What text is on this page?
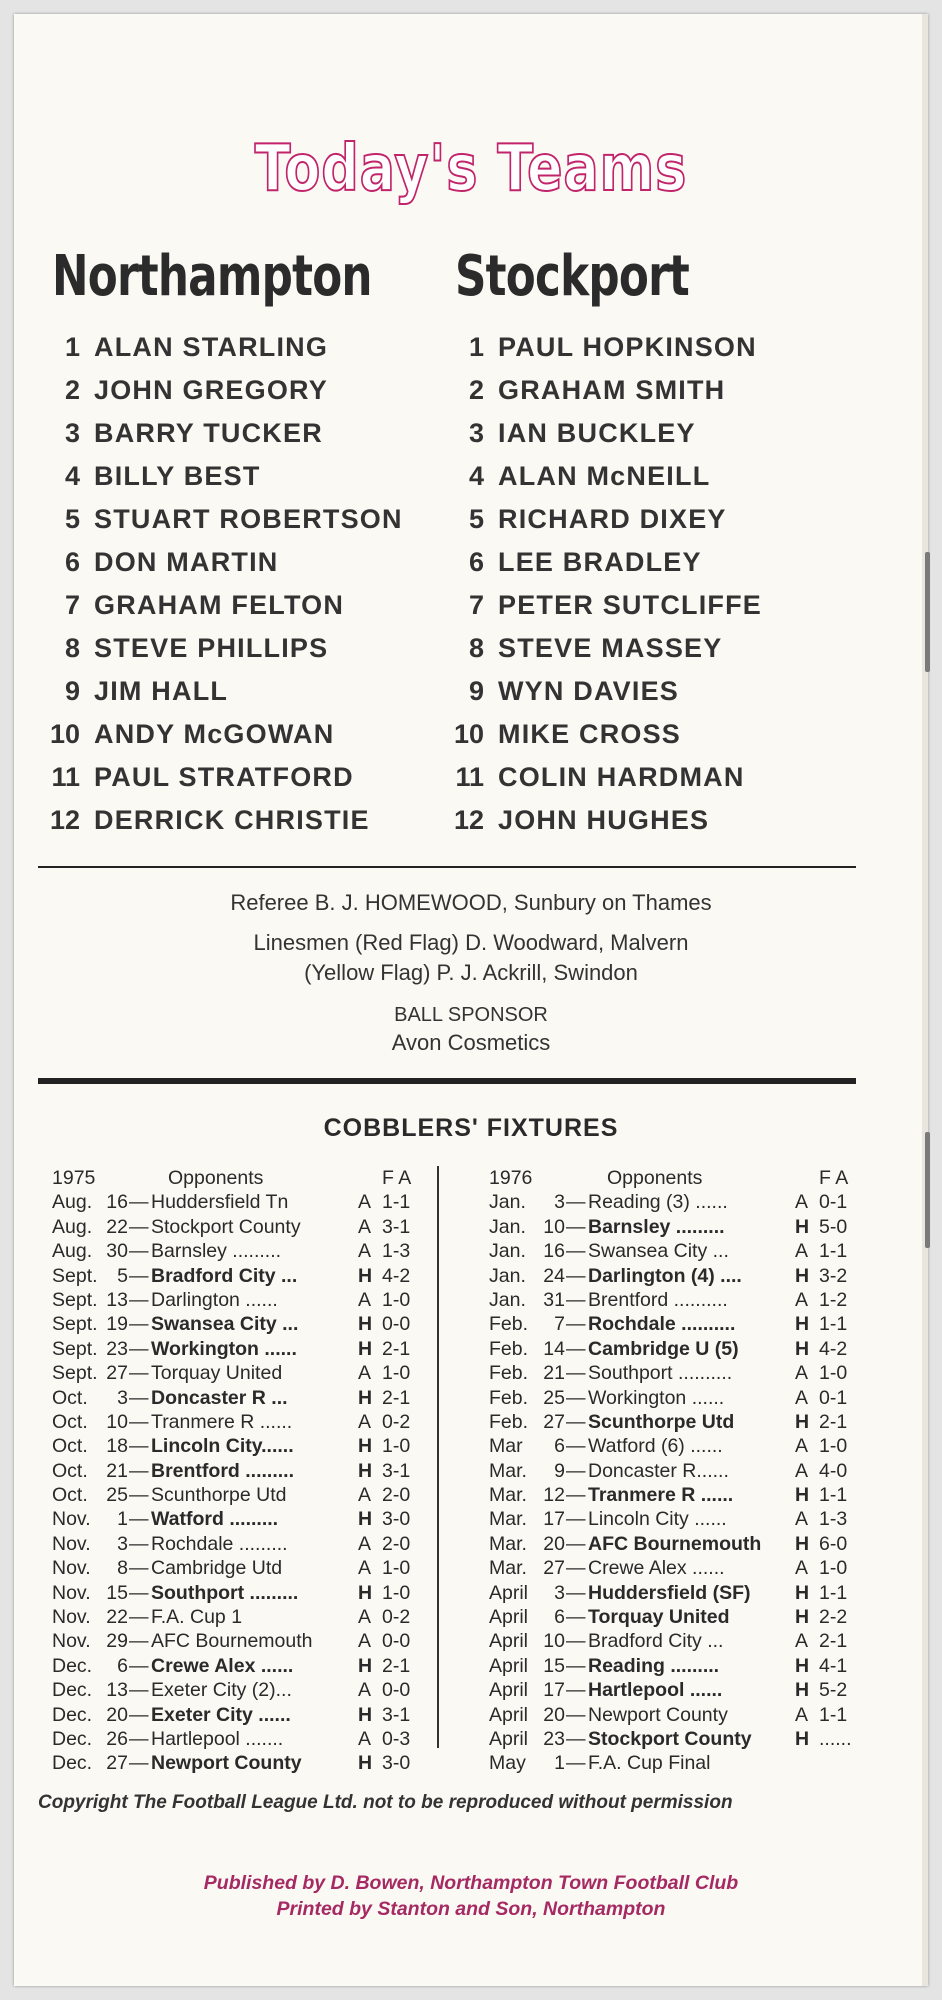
Today's Teams
Northampton Stockport
1 ALAN STARLING
2 JOHN GREGORY
3 BARRY TUCKER
4 BILLY BEST
5 STUART ROBERTSON
6 DON MARTIN
7 GRAHAM FELTON
8 STEVE PHILLIPS
9 JIM HALL
10 ANDY McGOWAN
11 PAUL STRATFORD
12 DERRICK CHRISTIE
1 PAUL HOPKINSON
2 GRAHAM SMITH
3 IAN BUCKLEY
4 ALAN McNEILL
5 RICHARD DIXEY
6 LEE BRADLEY
7 PETER SUTCLIFFE
8 STEVE MASSEY
9 WYN DAVIES
10 MIKE CROSS
11 COLIN HARDMAN
12 JOHN HUGHES
Referee B. J. HOMEWOOD, Sunbury on Thames
Linesmen (Red Flag) D. Woodward, Malvern
(Yellow Flag) P. J. Ackrill, Swindon
BALL SPONSOR
Avon Cosmetics
COBBLERS' FIXTURES
1975	Opponents	F A
Aug. 16 — Huddersfield Tn	A 1-1
Aug. 22 — Stockport County	A 3-1
Aug. 30 — Barnsley .........	A 1-3
Sept.	5 — Bradford City ...	H 4-2
Sept. 13 — Darlington ......	A 1-0
Sept. 19 — Swansea City ...	H 0-0
Sept. 23 — Workington ......	H 2-1
Sept. 27 — Torquay United	A 1-0
Oct.	3 — Doncaster R ...	H 2-1
Oct. 10 — Tranmere R ......	A 0-2
Oct. 18 — Lincoln City......	H 1-0
Oct. 21 — Brentford .........	H 3-1
Oct. 25 — Scunthorpe Utd	A 2-0
Nov.	1 — Watford .........	H 3-0
Nov.	3 — Rochdale .........	A 2-0
Nov.	8 — Cambridge Utd	A 1-0
Nov. 15 — Southport .........	H 1-0
Nov. 22 — F.A. Cup 1	A 0-2
Nov. 29 — AFC Bournemouth A 0-0
Dec.	6 — Crewe Alex ......	H 2-1
Dec. 13 — Exeter City (2)...	A 0-0
Dec. 20 — Exeter City ......	H 3-1
Dec. 26 — Hartlepool .......	A 0-3
Dec. 27 — Newport County	H 3-0
1976	Opponents	F A
Jan.	3 — Reading (3) ......	A 0-1
Jan. 10 — Barnsley .........	H 5-0
Jan. 16 — Swansea City ...	A 1-1
Jan. 24 — Darlington (4) ....	H 3-2
Jan. 31 — Brentford ..........	A 1-2
Feb.	7 — Rochdale ..........	H 1-1
Feb. 14 — Cambridge U (5)	H 4-2
Feb. 21 — Southport ..........	A 1-0
Feb. 25 — Workington ......	A 0-1
Feb. 27 — Scunthorpe Utd	H 2-1
Mar	6 — Watford (6) ......	A 1-0
Mar.	9 — Doncaster R......	A 4-0
Mar. 12 — Tranmere R ......	H 1-1
Mar. 17 — Lincoln City ......	A 1-3
Mar. 20 — AFC Bournemouth H 6-0
Mar. 27 — Crewe Alex ......	A 1-0
April	3 — Huddersfield (SF) H 1-1
April	6 — Torquay United	H 2-2
April 10 — Bradford City ...	A 2-1
April 15 — Reading .........	H 4-1
April 17 — Hartlepool ......	H 5-2
April 20 — Newport County	A 1-1
April 23 — Stockport County H ......
May	1 — F.A. Cup Final
Copyright The Football League Ltd. not to be reproduced without permission
Published by D. Bowen, Northampton Town Football Club
Printed by Stanton and Son, Northampton
